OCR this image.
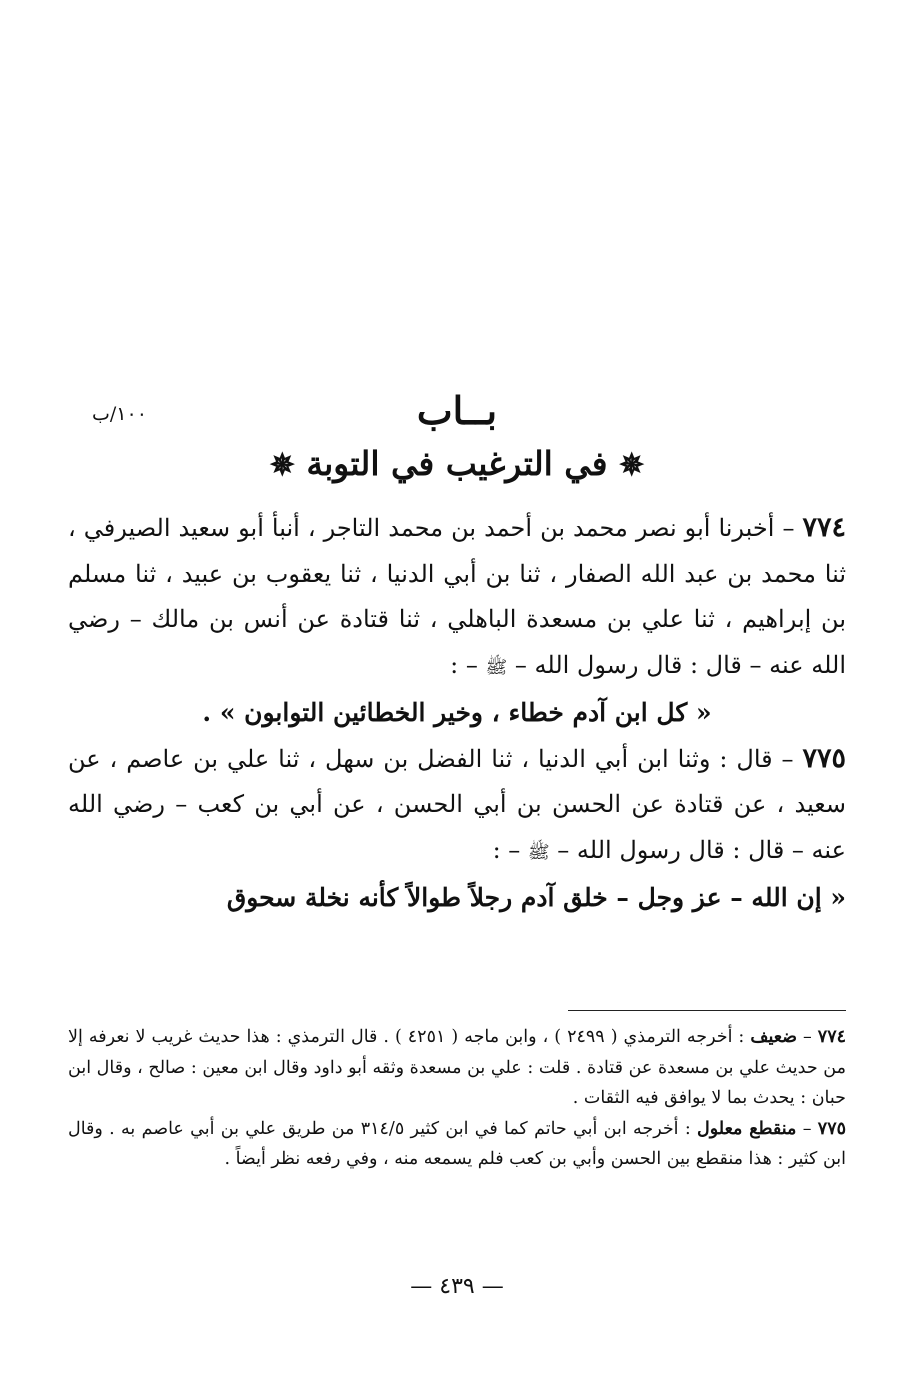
١٠٠/ب	بــاب
✵ في الترغيب في التوبة ✵

٧٧٤ – أخبرنا أبو نصر محمد بن أحمد بن محمد التاجر ، أنبأ أبو سعيد الصيرفي ، ثنا محمد بن عبد الله الصفار ، ثنا بن أبي الدنيا ، ثنا يعقوب بن عبيد ، ثنا مسلم بن إبراهيم ، ثنا علي بن مسعدة الباهلي ، ثنا قتادة عن أنس بن مالك – رضي الله عنه – قال : قال رسول الله – ﷺ – :

« كل ابن آدم خطاء ، وخير الخطائين التوابون » .

٧٧٥ – قال : وثنا ابن أبي الدنيا ، ثنا الفضل بن سهل ، ثنا علي بن عاصم ، عن سعيد ، عن قتادة عن الحسن بن أبي الحسن ، عن أبي بن كعب – رضي الله عنه – قال : قال رسول الله – ﷺ – :

« إن الله – عز وجل – خلق آدم رجلاً طوالاً كأنه نخلة سحوق

٧٧٤ – ضعيف : أخرجه الترمذي ( ٢٤٩٩ ) ، وابن ماجه ( ٤٢٥١ ) . قال الترمذي : هذا حديث غريب لا نعرفه إلا من حديث علي بن مسعدة عن قتادة . قلت : علي بن مسعدة وثقه أبو داود وقال ابن معين : صالح ، وقال ابن حبان : يحدث بما لا يوافق فيه الثقات .

٧٧٥ – منقطع معلول : أخرجه ابن أبي حاتم كما في ابن كثير ٣١٤/٥ من طريق علي بن أبي عاصم به . وقال ابن كثير : هذا منقطع بين الحسن وأبي بن كعب فلم يسمعه منه ، وفي رفعه نظر أيضاً .

— ٤٣٩ —
